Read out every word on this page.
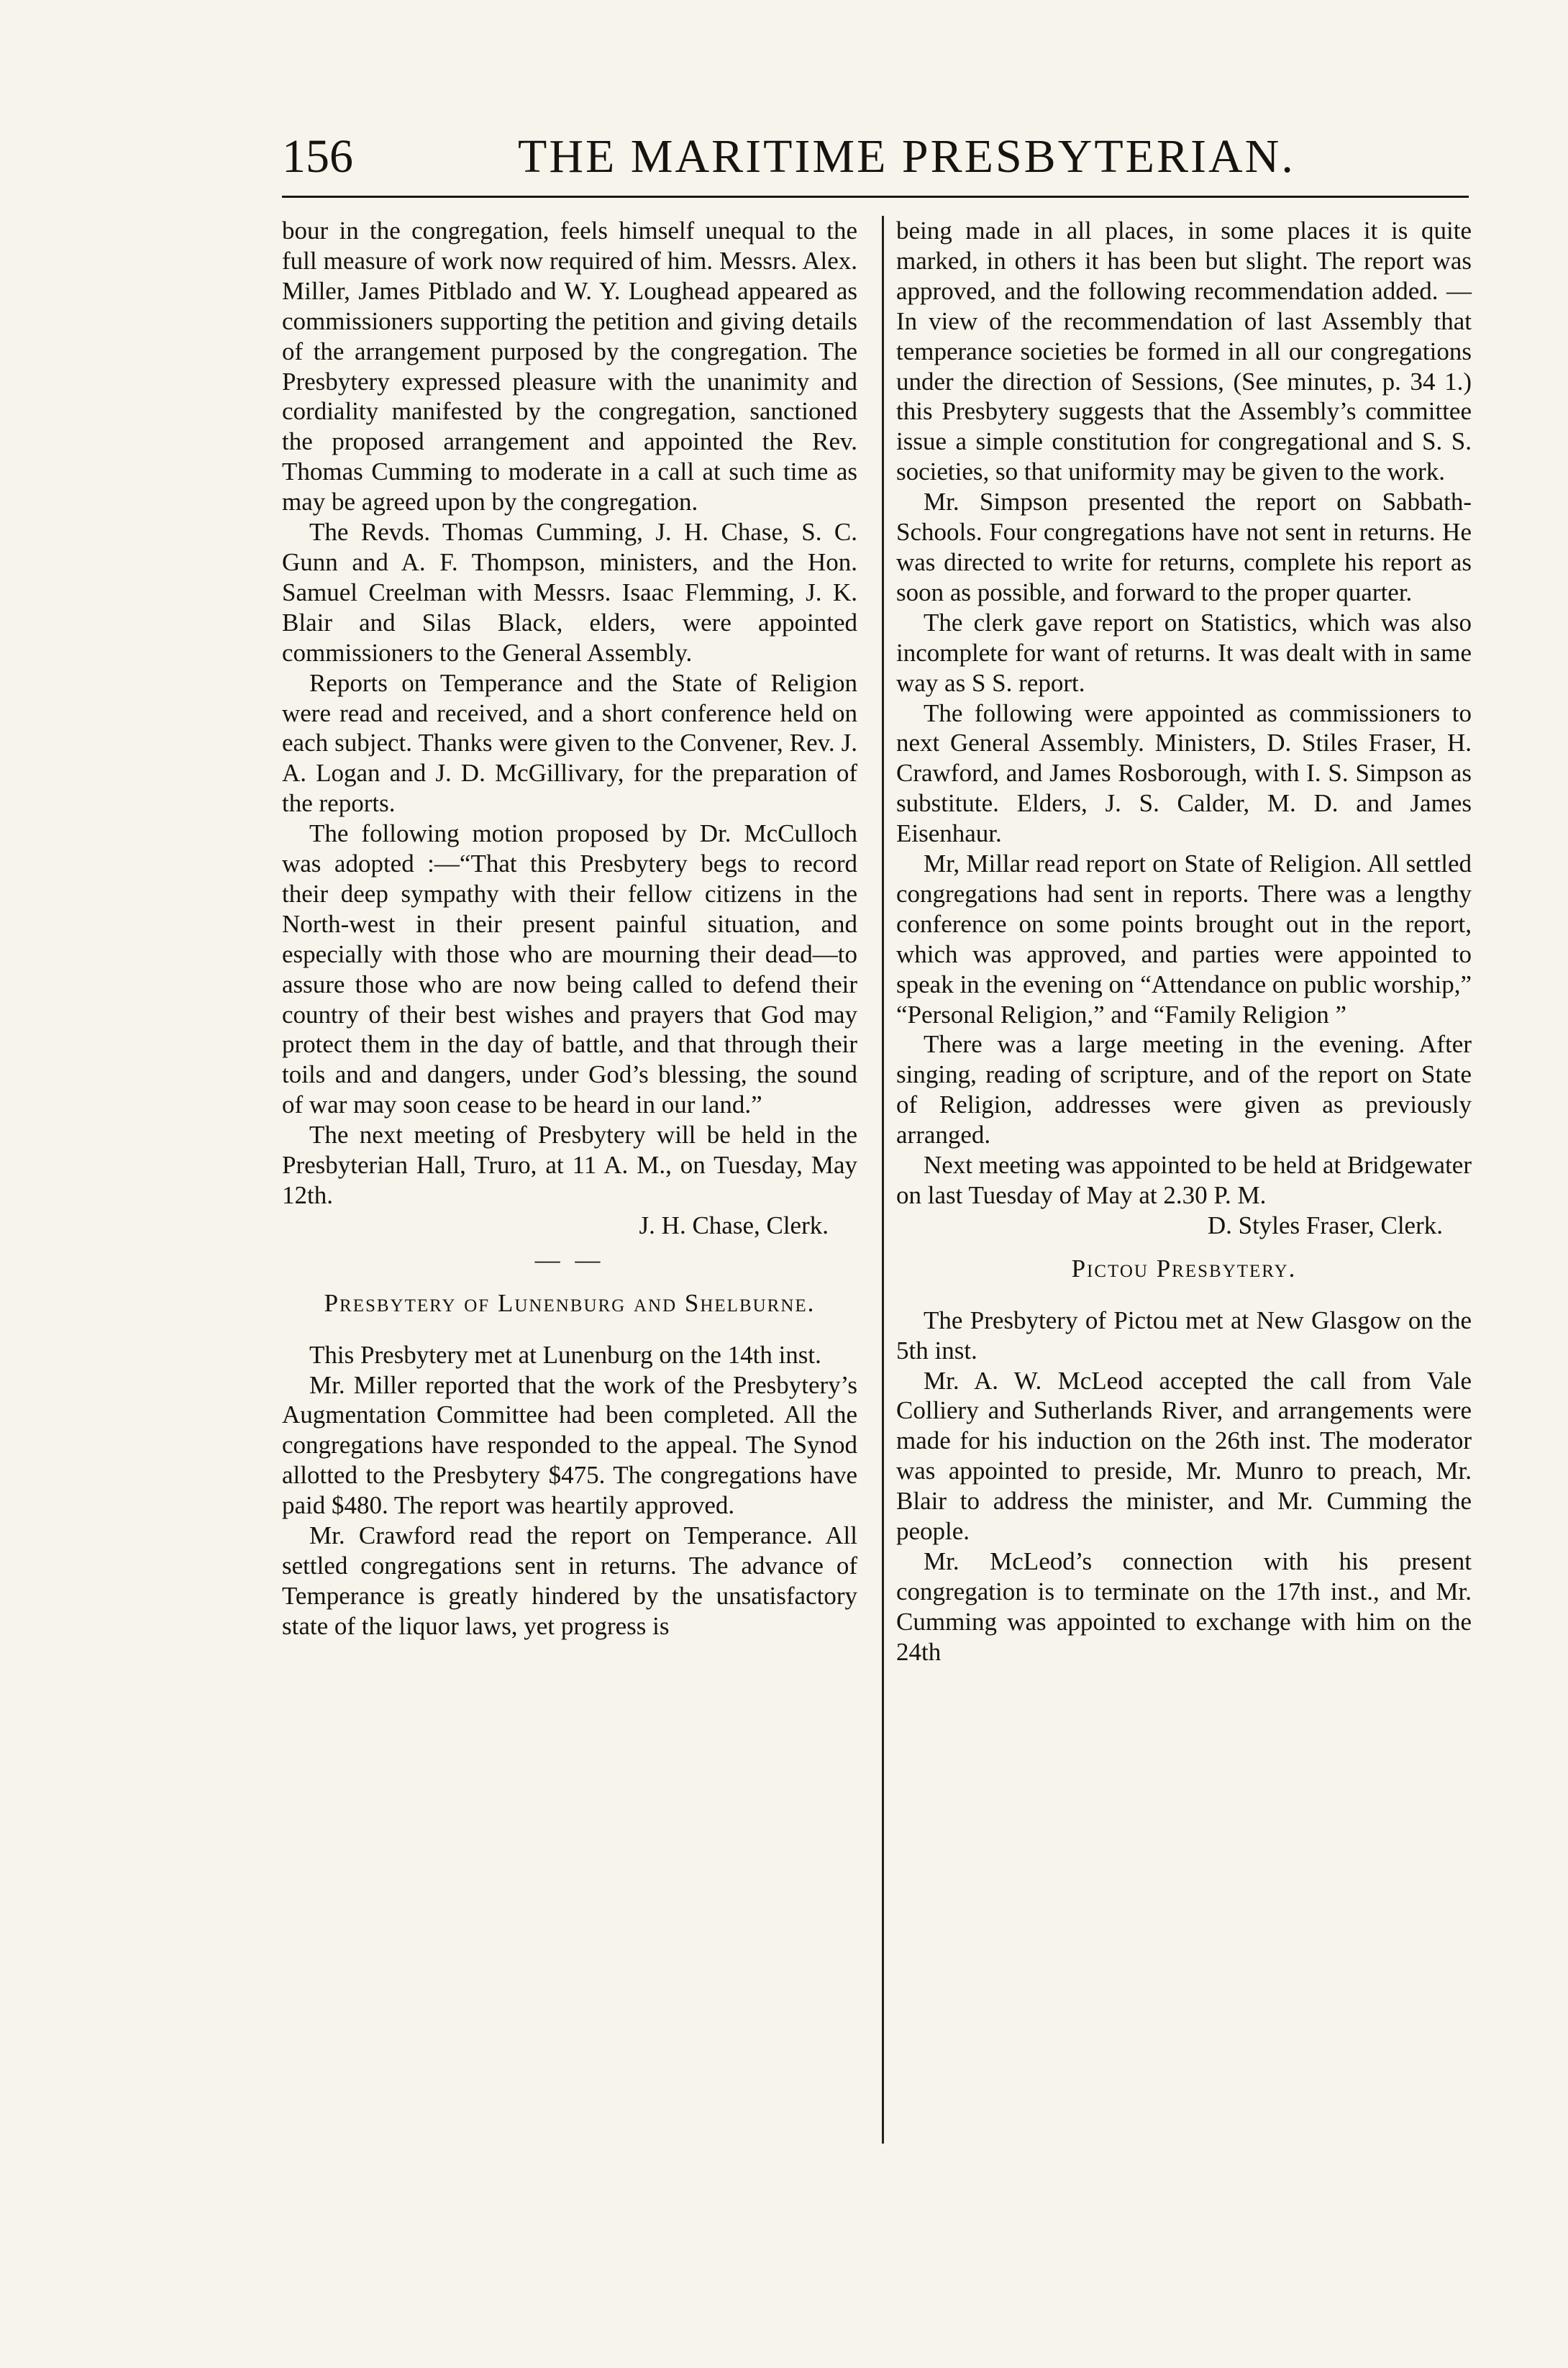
156	THE MARITIME PRESBYTERIAN.

bour in the congregation, feels himself unequal to the full measure of work now required of him. Messrs. Alex. Miller, James Pitblado and W. Y. Loughead appeared as commissioners supporting the petition and giving details of the arrangement purposed by the congregation. The Presbytery expressed pleasure with the unanimity and cordiality manifested by the congregation, sanctioned the proposed arrangement and appointed the Rev. Thomas Cumming to moderate in a call at such time as may be agreed upon by the congregation.

The Revds. Thomas Cumming, J. H. Chase, S. C. Gunn and A. F. Thompson, ministers, and the Hon. Samuel Creelman with Messrs. Isaac Flemming, J. K. Blair and Silas Black, elders, were appointed commissioners to the General Assembly.

Reports on Temperance and the State of Religion were read and received, and a short conference held on each subject. Thanks were given to the Convener, Rev. J. A. Logan and J. D. McGillivary, for the preparation of the reports.

The following motion proposed by Dr. McCulloch was adopted :—“That this Presbytery begs to record their deep sympathy with their fellow citizens in the North-west in their present painful situation, and especially with those who are mourning their dead—to assure those who are now being called to defend their country of their best wishes and prayers that God may protect them in the day of battle, and that through their toils and and dangers, under God’s blessing, the sound of war may soon cease to be heard in our land.”

The next meeting of Presbytery will be held in the Presbyterian Hall, Truro, at 11 A. M., on Tuesday, May 12th.

J. H. Chase, Clerk.

— —
Presbytery of Lunenburg and Shelburne.

This Presbytery met at Lunenburg on the 14th inst.

Mr. Miller reported that the work of the Presbytery’s Augmentation Committee had been completed. All the congregations have responded to the appeal. The Synod allotted to the Presbytery $475. The congregations have paid $480. The report was heartily approved.

Mr. Crawford read the report on Temperance. All settled congregations sent in returns. The advance of Temperance is greatly hindered by the unsatisfactory state of the liquor laws, yet progress is

being made in all places, in some places it is quite marked, in others it has been but slight. The report was approved, and the following recommendation added. —In view of the recommendation of last Assembly that temperance societies be formed in all our congregations under the direction of Sessions, (See minutes, p. 34 1.) this Presbytery suggests that the Assembly’s committee issue a simple constitution for congregational and S. S. societies, so that uniformity may be given to the work.

Mr. Simpson presented the report on Sabbath-Schools. Four congregations have not sent in returns. He was directed to write for returns, complete his report as soon as possible, and forward to the proper quarter.

The clerk gave report on Statistics, which was also incomplete for want of returns. It was dealt with in same way as S S. report.

The following were appointed as commissioners to next General Assembly. Ministers, D. Stiles Fraser, H. Crawford, and James Rosborough, with I. S. Simpson as substitute. Elders, J. S. Calder, M. D. and James Eisenhaur.

Mr, Millar read report on State of Religion. All settled congregations had sent in reports. There was a lengthy conference on some points brought out in the report, which was approved, and parties were appointed to speak in the evening on “Attendance on public worship,” “Personal Religion,” and “Family Religion ”

There was a large meeting in the evening. After singing, reading of scripture, and of the report on State of Religion, addresses were given as previously arranged.

Next meeting was appointed to be held at Bridgewater on last Tuesday of May at 2.30 P. M.

D. Styles Fraser, Clerk.

Pictou Presbytery.

The Presbytery of Pictou met at New Glasgow on the 5th inst.

Mr. A. W. McLeod accepted the call from Vale Colliery and Sutherlands River, and arrangements were made for his induction on the 26th inst. The moderator was appointed to preside, Mr. Munro to preach, Mr. Blair to address the minister, and Mr. Cumming the people.

Mr. McLeod’s connection with his present congregation is to terminate on the 17th inst., and Mr. Cumming was appointed to exchange with him on the 24th
